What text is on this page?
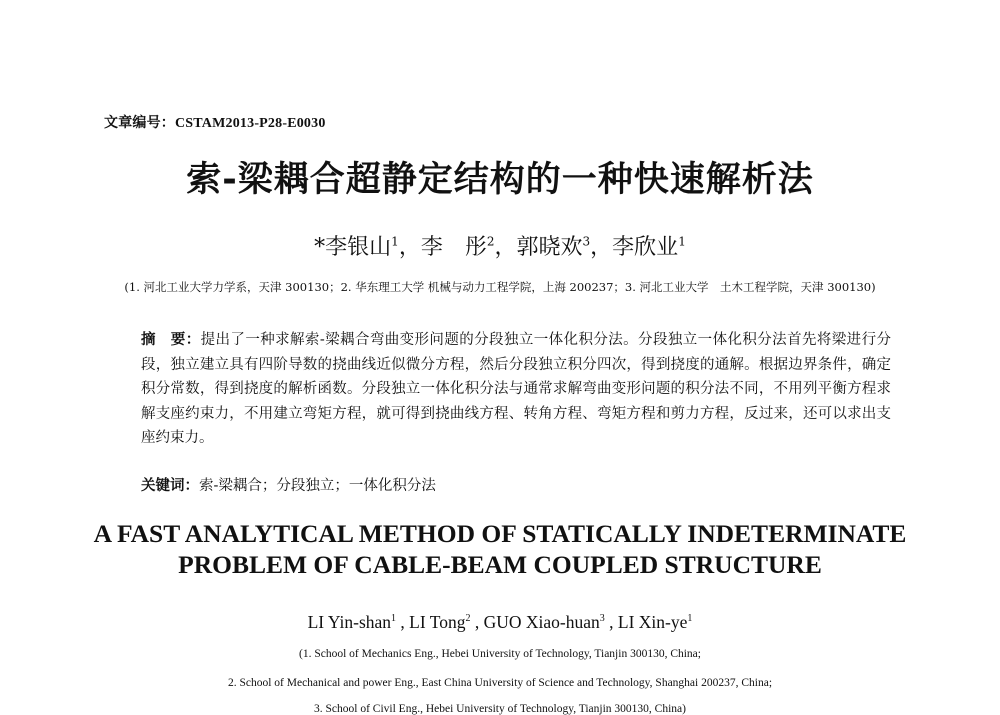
文章编号：CSTAM2013-P28-E0030
索-梁耦合超静定结构的一种快速解析法
*李银山$^1$，李　彤$^2$，郭晓欢$^3$，李欣业$^1$
(1. 河北工业大学力学系，天津 300130；2. 华东理工大学 机械与动力工程学院，上海 200237；3. 河北工业大学　土木工程学院，天津 300130)
摘　要：提出了一种求解索-梁耦合弯曲变形问题的分段独立一体化积分法。分段独立一体化积分法首先将梁进行分段，独立建立具有四阶导数的挠曲线近似微分方程，然后分段独立积分四次，得到挠度的通解。根据边界条件，确定积分常数，得到挠度的解析函数。分段独立一体化积分法与通常求解弯曲变形问题的积分法不同，不用列平衡方程求解支座约束力，不用建立弯矩方程，就可得到挠曲线方程、转角方程、弯矩方程和剪力方程，反过来，还可以求出支座约束力。
关键词：索-梁耦合；分段独立；一体化积分法
A FAST ANALYTICAL METHOD OF STATICALLY INDETERMINATE
PROBLEM OF CABLE-BEAM COUPLED STRUCTURE
LI Yin-shan$^1$ , LI Tong$^2$ , GUO Xiao-huan$^3$ , LI Xin-$ye^1$
(1. School of Mechanics Eng., Hebei University of Technology, Tianjin 300130, China;
2. School of Mechanical and power Eng., East China University of Science and Technology, Shanghai 200237, China;
3. School of Civil Eng., Hebei University of Technology, Tianjin 300130, China)
